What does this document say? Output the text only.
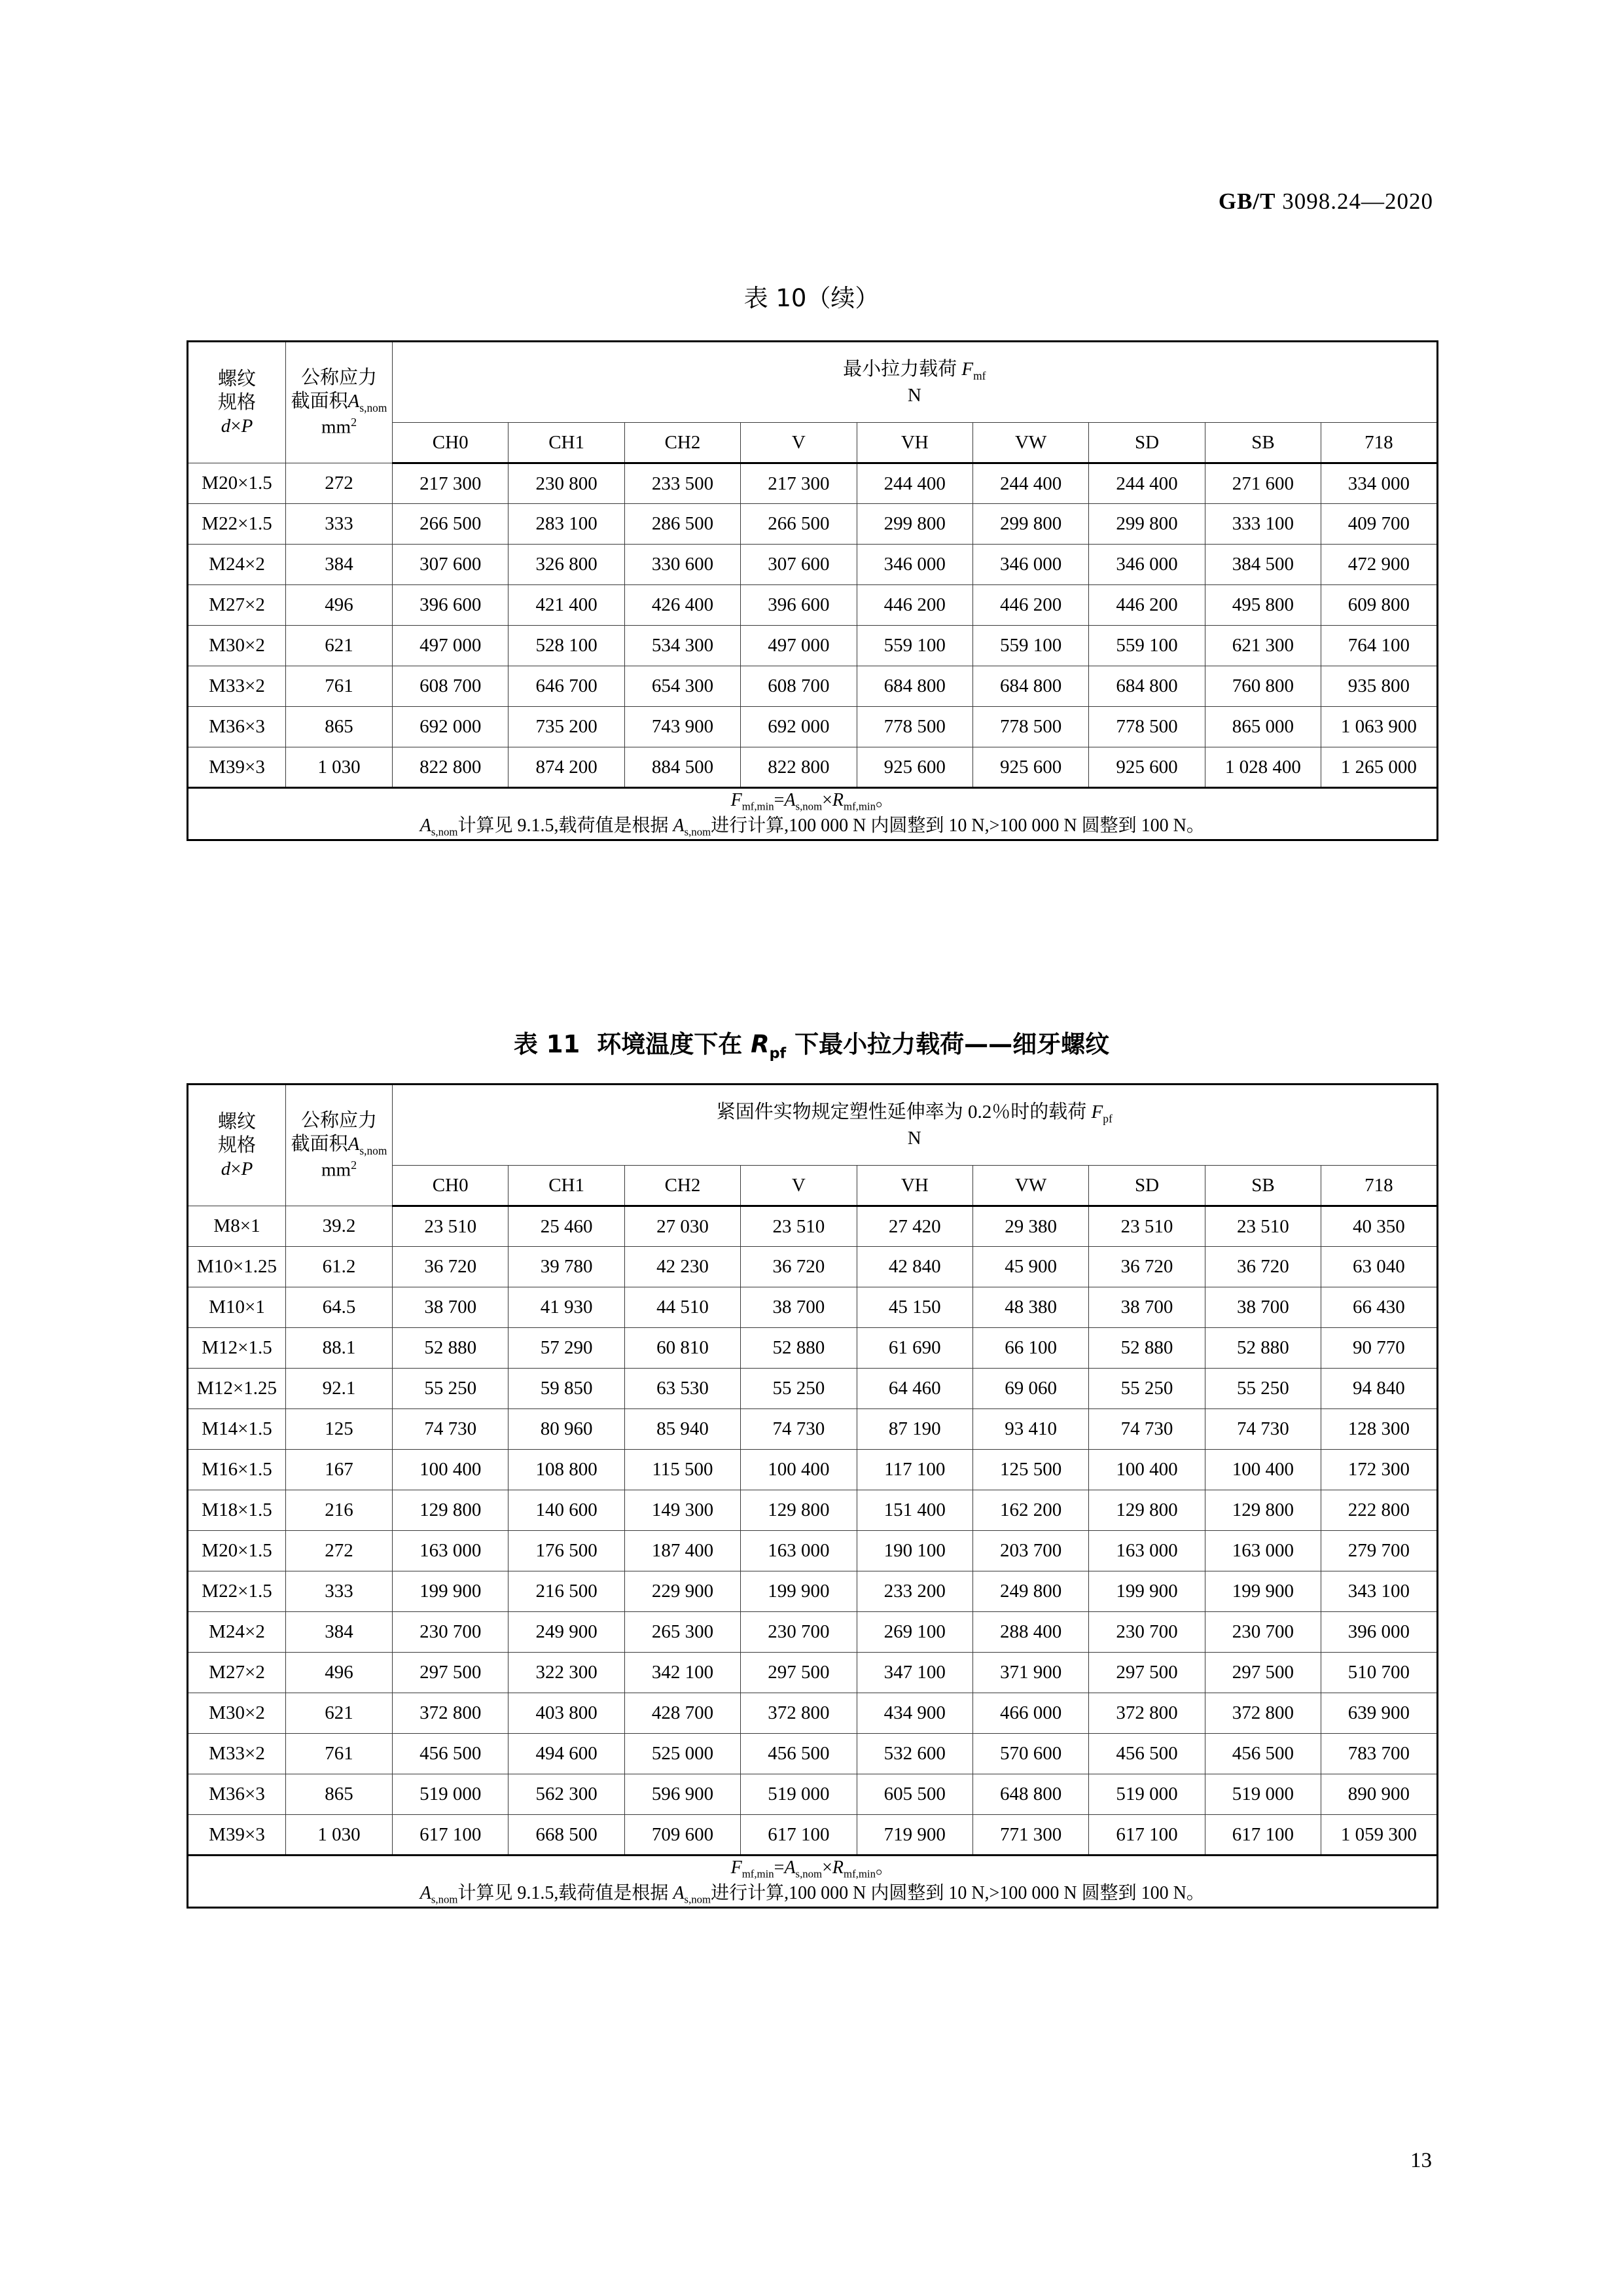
GB/T 3098.24—2020
表 10（续）
螺纹
规格
d×P

公称应力
截面积$A_{s,nom}$
$mm^2$

最小拉力载荷 $F_{mf}$
N

		CH0	CH1	CH2	V	VH	VW	SD	SB	718
M20×1.5	272	217 300	230 800	233 500	217 300	244 400	244 400	244 400	271 600	334 000
M22×1.5	333	266 500	283 100	286 500	266 500	299 800	299 800	299 800	333 100	409 700
M24×2	384	307 600	326 800	330 600	307 600	346 000	346 000	346 000	384 500	472 900
M27×2	496	396 600	421 400	426 400	396 600	446 200	446 200	446 200	495 800	609 800
M30×2	621	497 000	528 100	534 300	497 000	559 100	559 100	559 100	621 300	764 100
M33×2	761	608 700	646 700	654 300	608 700	684 800	684 800	684 800	760 800	935 800
M36×3	865	692 000	735 200	743 900	692 000	778 500	778 500	778 500	865 000	1 063 900
M39×3	1 030	822 800	874 200	884 500	822 800	925 600	925 600	925 600	1 028 400	1 265 000

$F_{mf,min}=A_{s,nom}\times R_{mf,min}$。
$A_{s,nom}$计算见 9.1.5,载荷值是根据 $A_{s,nom}$进行计算,100 000 N 内圆整到 10 N,>100 000 N 圆整到 100 N。										
表 11 环境温度下在 $R_{pf}$ 下最小拉力载荷——细牙螺纹
螺纹
规格
d×P

公称应力
截面积$A_{s,nom}$
$mm^2$

紧固件实物规定塑性延伸率为 0.2％时的载荷 $F_{pf}$
N

		CH0	CH1	CH2	V	VH	VW	SD	SB	718
M8×1	39.2	23 510	25 460	27 030	23 510	27 420	29 380	23 510	23 510	40 350
M10×1.25	61.2	36 720	39 780	42 230	36 720	42 840	45 900	36 720	36 720	63 040
M10×1	64.5	38 700	41 930	44 510	38 700	45 150	48 380	38 700	38 700	66 430
M12×1.5	88.1	52 880	57 290	60 810	52 880	61 690	66 100	52 880	52 880	90 770
M12×1.25	92.1	55 250	59 850	63 530	55 250	64 460	69 060	55 250	55 250	94 840
M14×1.5	125	74 730	80 960	85 940	74 730	87 190	93 410	74 730	74 730	128 300
M16×1.5	167	100 400	108 800	115 500	100 400	117 100	125 500	100 400	100 400	172 300
M18×1.5	216	129 800	140 600	149 300	129 800	151 400	162 200	129 800	129 800	222 800
M20×1.5	272	163 000	176 500	187 400	163 000	190 100	203 700	163 000	163 000	279 700
M22×1.5	333	199 900	216 500	229 900	199 900	233 200	249 800	199 900	199 900	343 100
M24×2	384	230 700	249 900	265 300	230 700	269 100	288 400	230 700	230 700	396 000
M27×2	496	297 500	322 300	342 100	297 500	347 100	371 900	297 500	297 500	510 700
M30×2	621	372 800	403 800	428 700	372 800	434 900	466 000	372 800	372 800	639 900
M33×2	761	456 500	494 600	525 000	456 500	532 600	570 600	456 500	456 500	783 700
M36×3	865	519 000	562 300	596 900	519 000	605 500	648 800	519 000	519 000	890 900
M39×3	1 030	617 100	668 500	709 600	617 100	719 900	771 300	617 100	617 100	1 059 300

$F_{mf,min}=A_{s,nom}\times R_{mf,min}$。
$A_{s,nom}$计算见 9.1.5,载荷值是根据 $A_{s,nom}$进行计算,100 000 N 内圆整到 10 N,>100 000 N 圆整到 100 N。										
13
